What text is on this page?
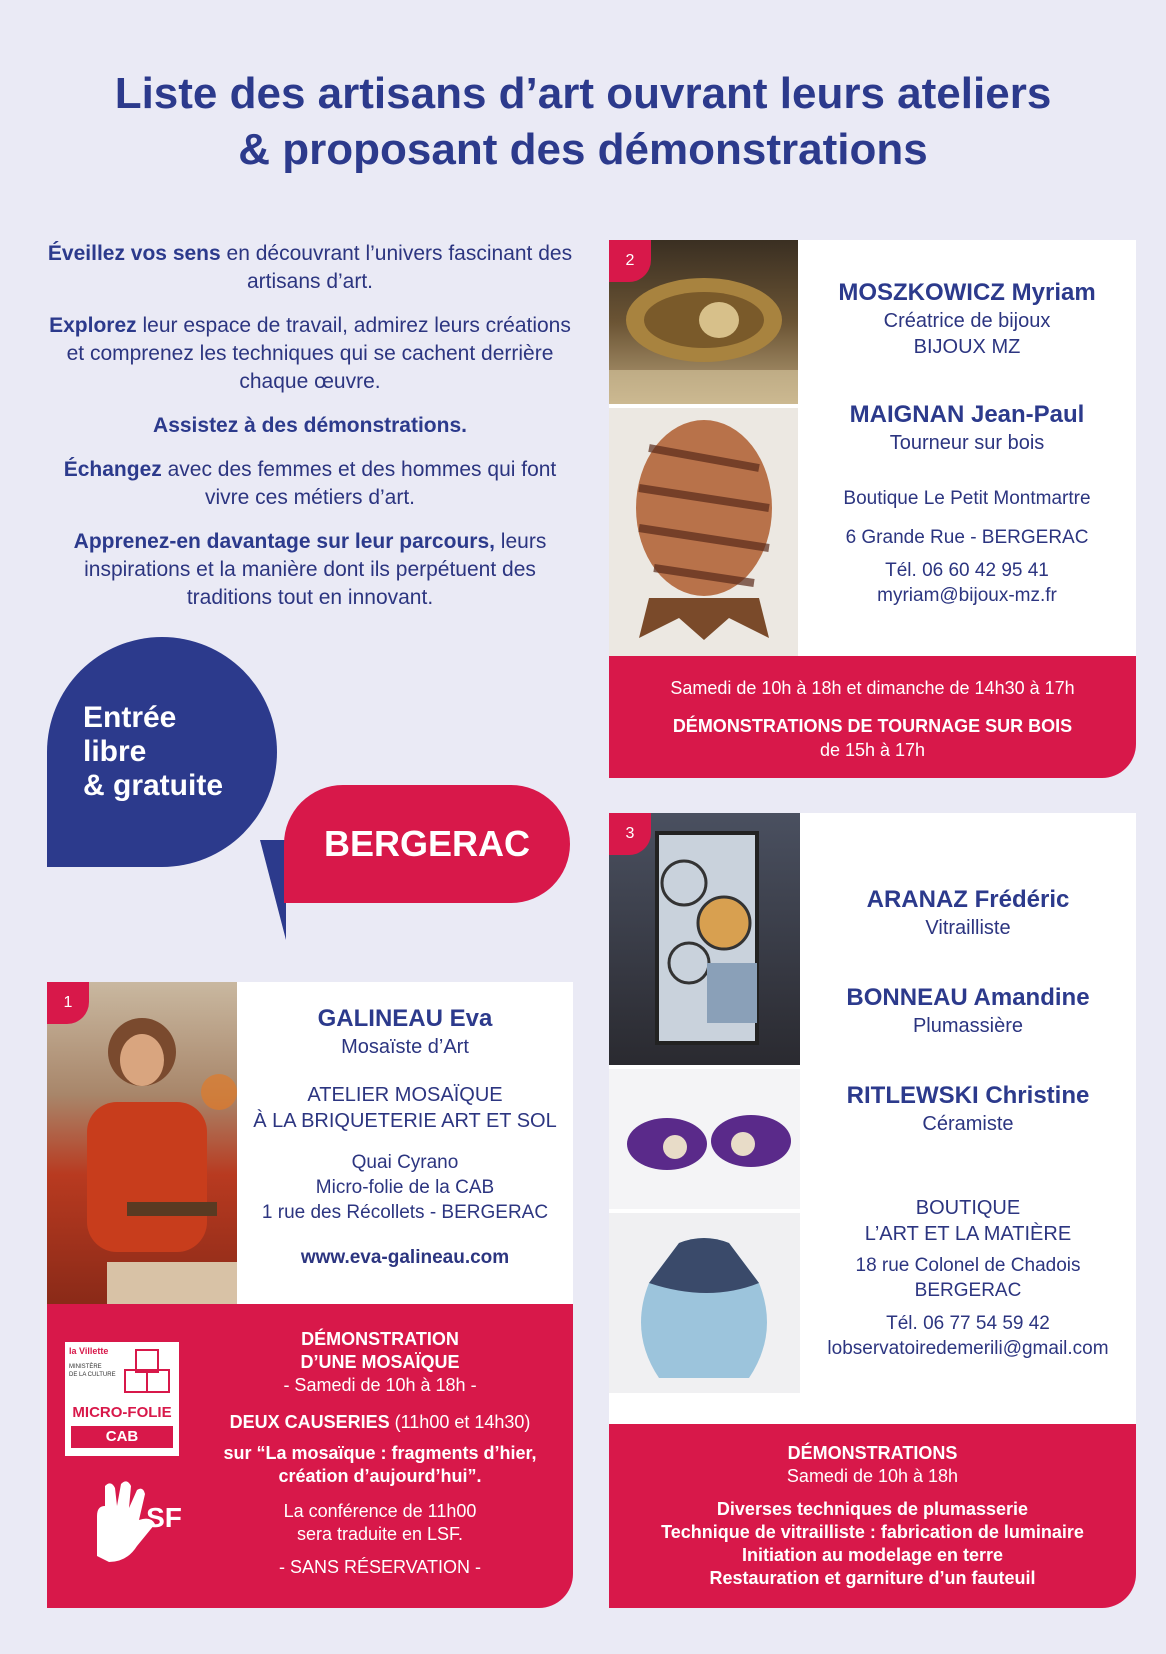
Liste des artisans d’art ouvrant leurs ateliers
& proposant des démonstrations

Éveillez vos sens en découvrant l’univers fascinant des artisans d’art.

Explorez leur espace de travail, admirez leurs créations et comprenez les techniques qui se cachent derrière chaque œuvre.

Assistez à des démonstrations.

Échangez avec des femmes et des hommes qui font vivre ces métiers d’art.

Apprenez-en davantage sur leur parcours, leurs inspirations et la manière dont ils perpétuent des traditions tout en innovant.

Entrée
libre
& gratuite
BERGERAC
1
GALINEAU Eva
Mosaïste d’Art
ATELIER MOSAÏQUE
À LA BRIQUETERIE ART ET SOL
Quai Cyrano
Micro-folie de la CAB
1 rue des Récollets - BERGERAC
www.eva-galineau.com
la Villette
MINISTÈRE
DE LA CULTURE
MICRO-FOLIE
CAB
LSF
DÉMONSTRATION
D’UNE MOSAÏQUE
- Samedi de 10h à 18h -
DEUX CAUSERIES (11h00 et 14h30)
sur “La mosaïque : fragments d’hier,
création d’aujourd’hui”.
La conférence de 11h00
sera traduite en LSF.
- SANS RÉSERVATION -
2
MOSZKOWICZ Myriam
Créatrice de bijoux
BIJOUX MZ
MAIGNAN Jean-Paul
Tourneur sur bois
Boutique Le Petit Montmartre
6 Grande Rue - BERGERAC
Tél. 06 60 42 95 41
myriam@bijoux-mz.fr
Samedi de 10h à 18h et dimanche de 14h30 à 17h
DÉMONSTRATIONS DE TOURNAGE SUR BOIS
de 15h à 17h
3
ARANAZ Frédéric
Vitrailliste
BONNEAU Amandine
Plumassière
RITLEWSKI Christine
Céramiste
BOUTIQUE
L’ART ET LA MATIÈRE
18 rue Colonel de Chadois
BERGERAC
Tél. 06 77 54 59 42
lobservatoiredemerili@gmail.com
DÉMONSTRATIONS
Samedi de 10h à 18h
Diverses techniques de plumasserie
Technique de vitrailliste : fabrication de luminaire
Initiation au modelage en terre
Restauration et garniture d’un fauteuil
